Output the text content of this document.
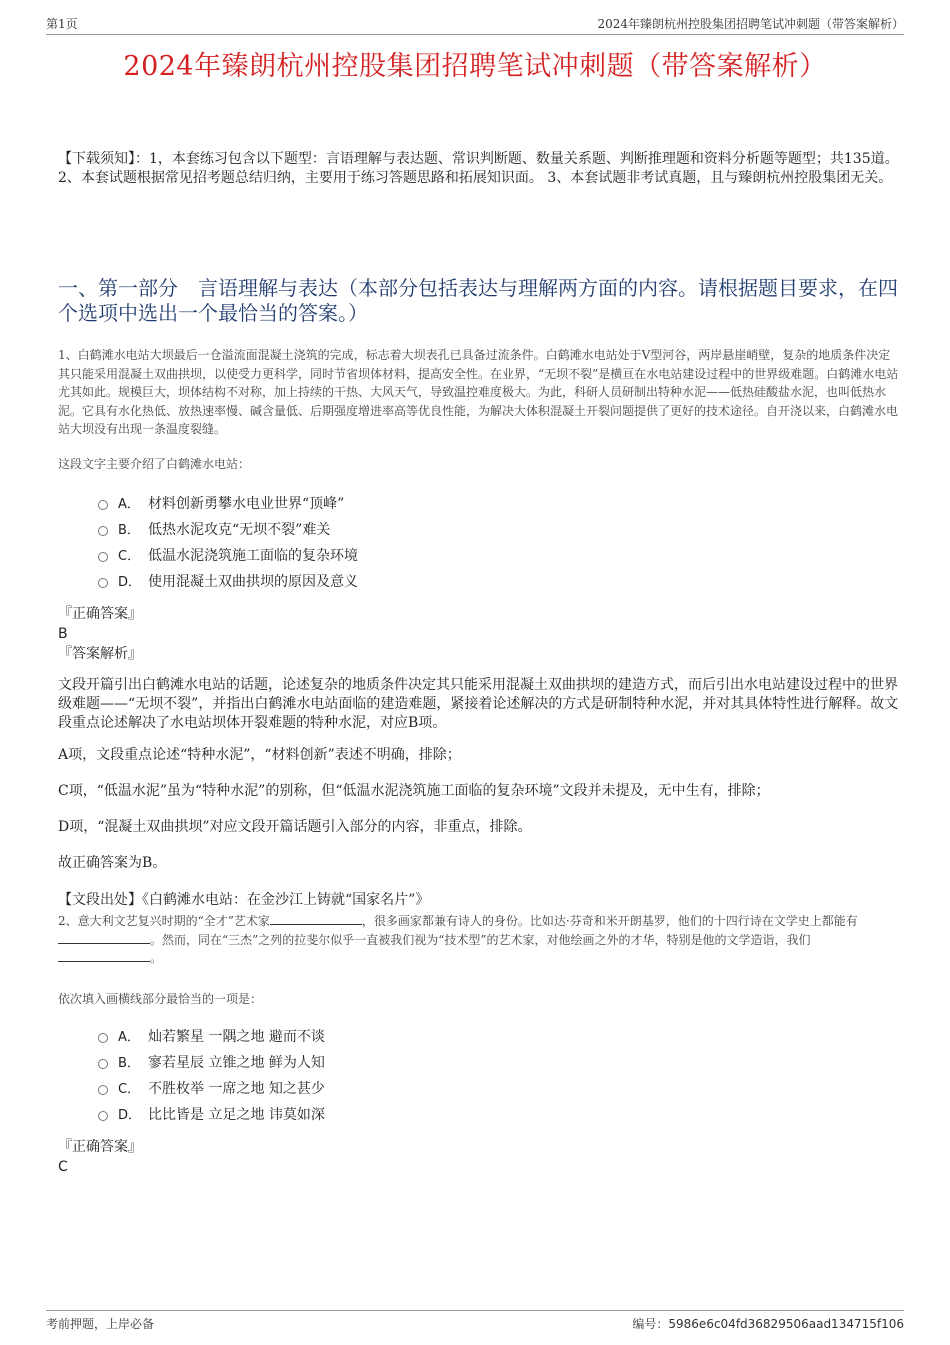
第1页	2024年臻朗杭州控股集团招聘笔试冲刺题（带答案解析）
2024年臻朗杭州控股集团招聘笔试冲刺题（带答案解析）
【下载须知】：1，本套练习包含以下题型：言语理解与表达题、常识判断题、数量关系题、判断推理题和资料分析题等题型；共135道。 2、本套试题根据常见招考题总结归纳，主要用于练习答题思路和拓展知识面。 3、本套试题非考试真题，且与臻朗杭州控股集团无关。
一、第一部分　言语理解与表达（本部分包括表达与理解两方面的内容。请根据题目要求，在四个选项中选出一个最恰当的答案。）
1、白鹤滩水电站大坝最后一仓溢流面混凝土浇筑的完成，标志着大坝表孔已具备过流条件。白鹤滩水电站处于V型河谷，两岸悬崖峭壁，复杂的地质条件决定其只能采用混凝土双曲拱坝，以使受力更科学，同时节省坝体材料，提高安全性。在业界，“无坝不裂”是横亘在水电站建设过程中的世界级难题。白鹤滩水电站尤其如此。规模巨大，坝体结构不对称，加上持续的干热、大风天气，导致温控难度极大。为此，科研人员研制出特种水泥——低热硅酸盐水泥，也叫低热水泥。它具有水化热低、放热速率慢、碱含量低、后期强度增进率高等优良性能，为解决大体积混凝土开裂问题提供了更好的技术途径。自开浇以来，白鹤滩水电站大坝没有出现一条温度裂缝。
这段文字主要介绍了白鹤滩水电站：
A． 材料创新勇攀水电业世界“顶峰”
B． 低热水泥攻克“无坝不裂”难关
C． 低温水泥浇筑施工面临的复杂环境
D． 使用混凝土双曲拱坝的原因及意义
『正确答案』
B
『答案解析』

文段开篇引出白鹤滩水电站的话题，论述复杂的地质条件决定其只能采用混凝土双曲拱坝的建造方式，而后引出水电站建设过程中的世界级难题——“无坝不裂”，并指出白鹤滩水电站面临的建造难题，紧接着论述解决的方式是研制特种水泥，并对其具体特性进行解释。故文段重点论述解决了水电站坝体开裂难题的特种水泥，对应B项。

A项，文段重点论述“特种水泥”，“材料创新”表述不明确，排除；

C项，“低温水泥”虽为“特种水泥”的别称，但“低温水泥浇筑施工面临的复杂环境”文段并未提及，无中生有，排除；

D项，“混凝土双曲拱坝”对应文段开篇话题引入部分的内容，非重点，排除。

故正确答案为B。

【文段出处】《白鹤滩水电站：在金沙江上铸就“国家名片”》
2、意大利文艺复兴时期的“全才”艺术家	，很多画家都兼有诗人的身份。比如达·芬奇和米开朗基罗，他们的十四行诗在文学史上都能有。然而，同在“三杰”之列的拉斐尔似乎一直被我们视为“技术型”的艺术家，对他绘画之外的才华，特别是他的文学造诣，我们。
依次填入画横线部分最恰当的一项是：
A． 灿若繁星 一隅之地 避而不谈
B． 寥若星辰 立锥之地 鲜为人知
C． 不胜枚举 一席之地 知之甚少
D． 比比皆是 立足之地 讳莫如深
『正确答案』
C
考前押题，上岸必备	编号：5986e6c04fd36829506aad134715f106
